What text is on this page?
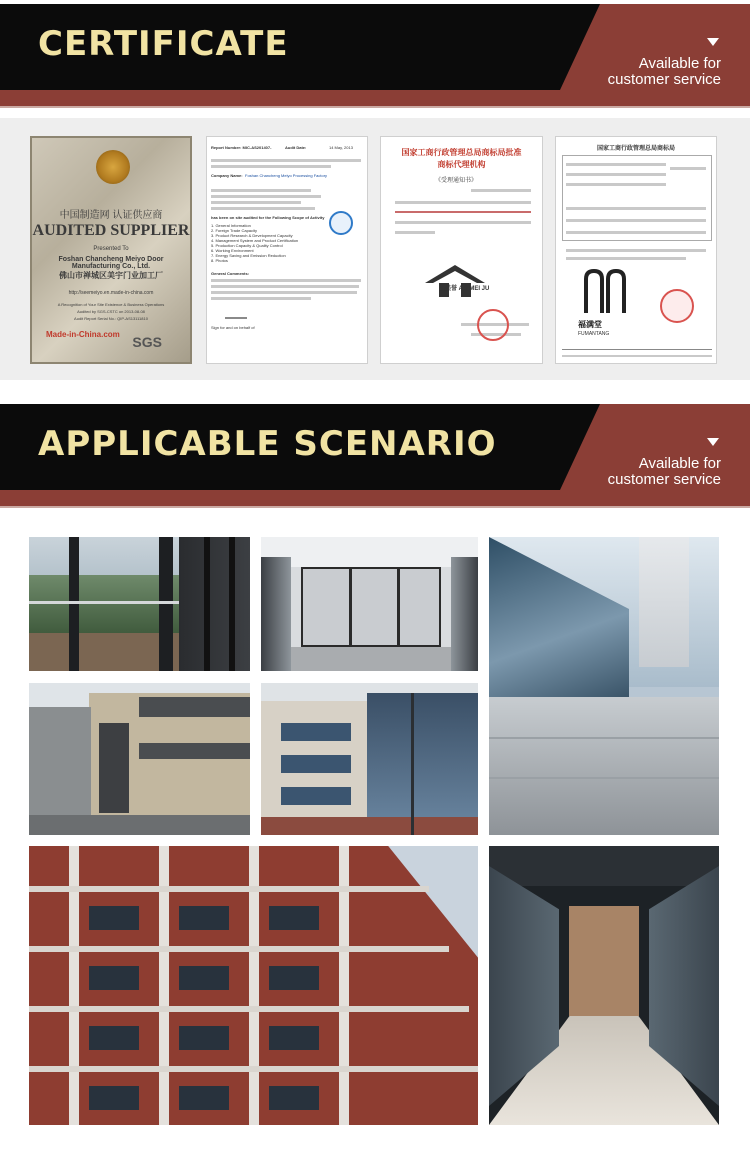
CERTIFICATE	Available for
customer service
中国制造网 认证供应商
AUDITED SUPPLIER
Presented To
Foshan Chancheng Meiyo Door Manufacturing Co., Ltd.
佛山市禅城区美宇门业加工厂
http://seemeiyo.en.made-in-china.com
A Recognition of Your Site Existence & Business Operations
Audited by SGS-CSTC on 2013-08-08
Audit Report Serial No.: QIP-AS13111810
Made-in-China.com SGS
Report Number: MIC-AS201407-	Audit Date:	14 May, 2013
Company Name: Foshan Chancheng Meiyo Processing Factory
has been on site audited for the Following Scope of Activity
1. General Information
2. Foreign Trade Capacity
3. Product Research & Development Capacity
4. Management System and Product Certification
5. Production Capacity & Quality Control
6. Working Environment
7. Energy Saving and Emission Reduction
8. Photos
General Comments:
Sign for and on behalf of
国家工商行政管理总局商标局批准
商标代理机构
《受理通知书》
满美誉 AO MEI JU
国家工商行政管理总局商标局
福满堂
FUMANTANG
APPLICABLE SCENARIO	Available for
customer service
